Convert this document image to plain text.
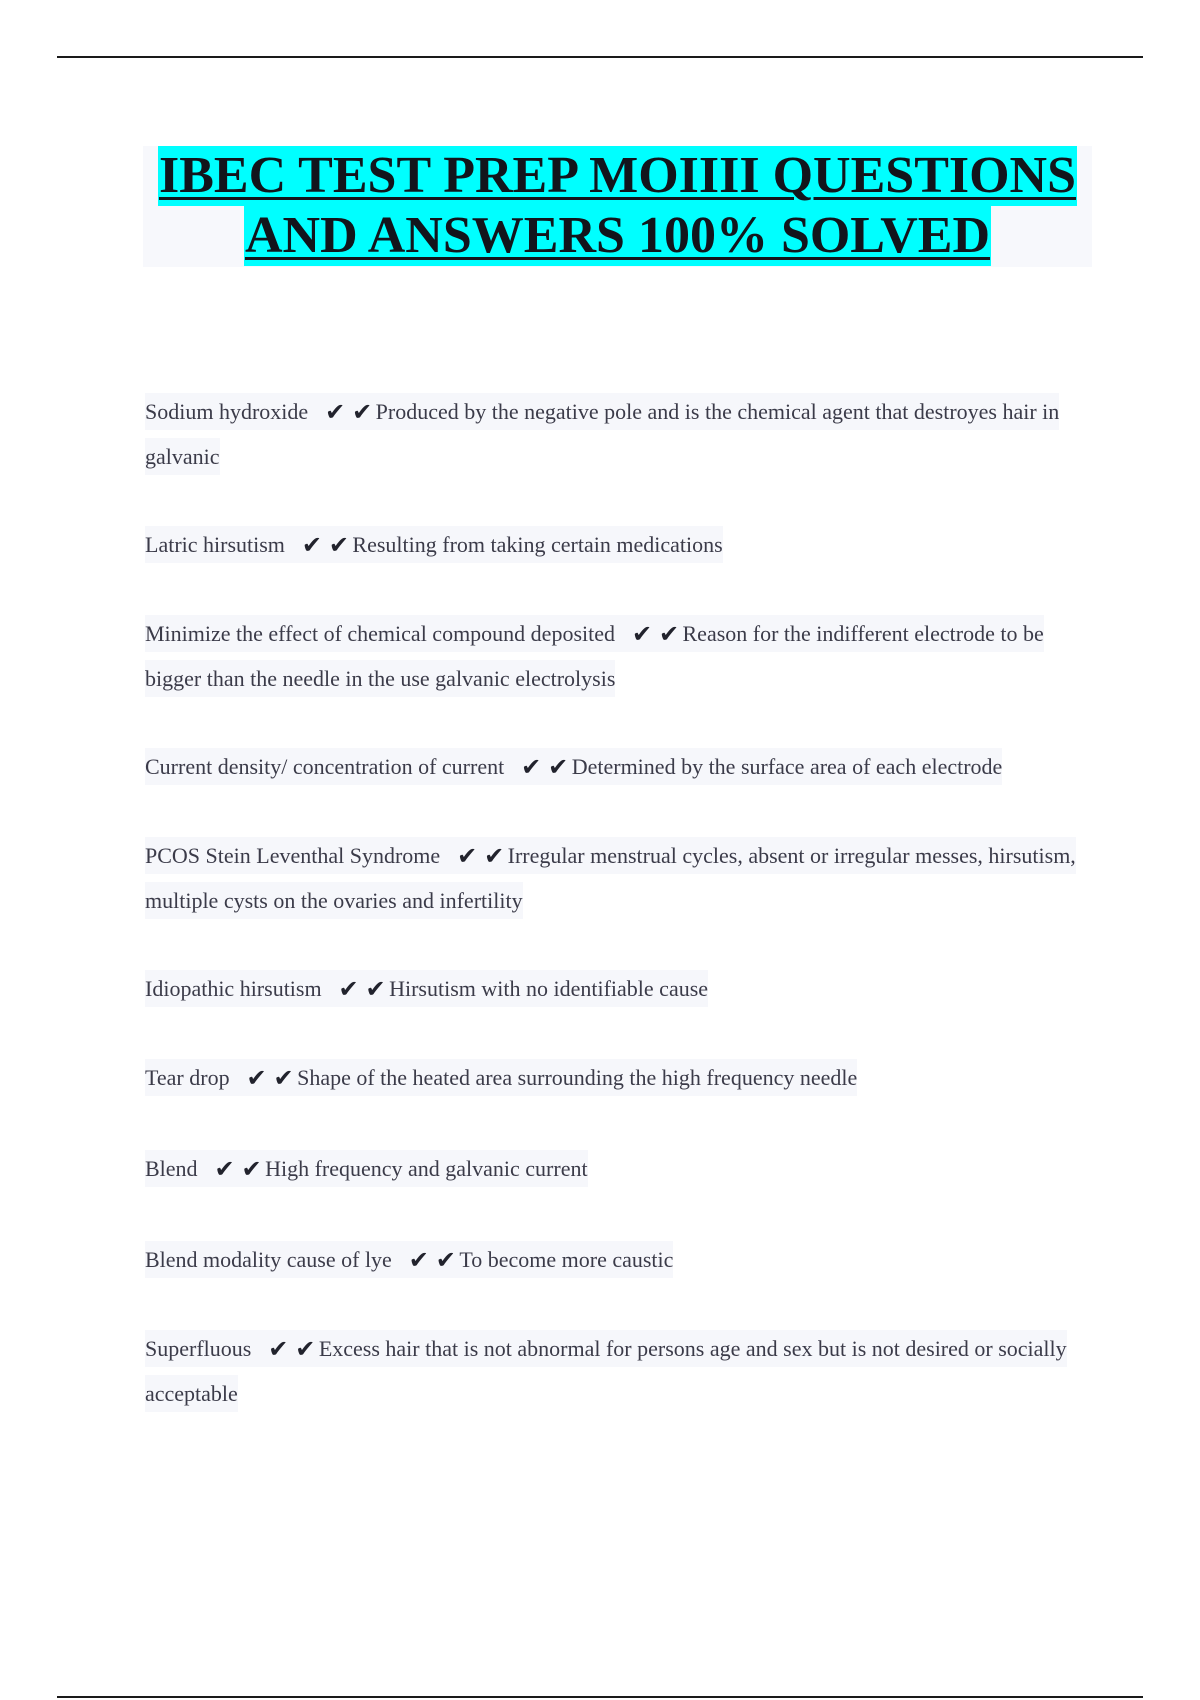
IBEC TEST PREP MOIIII QUESTIONS
AND ANSWERS 100% SOLVED
Sodium hydroxide ✔ ✔ Produced by the negative pole and is the chemical agent that destroyes hair in galvanic
Latric hirsutism ✔ ✔ Resulting from taking certain medications
Minimize the effect of chemical compound deposited ✔ ✔ Reason for the indifferent electrode to be bigger than the needle in the use galvanic electrolysis
Current density/ concentration of current ✔ ✔ Determined by the surface area of each electrode
PCOS Stein Leventhal Syndrome ✔ ✔ Irregular menstrual cycles, absent or irregular messes, hirsutism, multiple cysts on the ovaries and infertility
Idiopathic hirsutism ✔ ✔ Hirsutism with no identifiable cause
Tear drop ✔ ✔ Shape of the heated area surrounding the high frequency needle
Blend ✔ ✔ High frequency and galvanic current
Blend modality cause of lye ✔ ✔ To become more caustic
Superfluous ✔ ✔ Excess hair that is not abnormal for persons age and sex but is not desired or socially acceptable
